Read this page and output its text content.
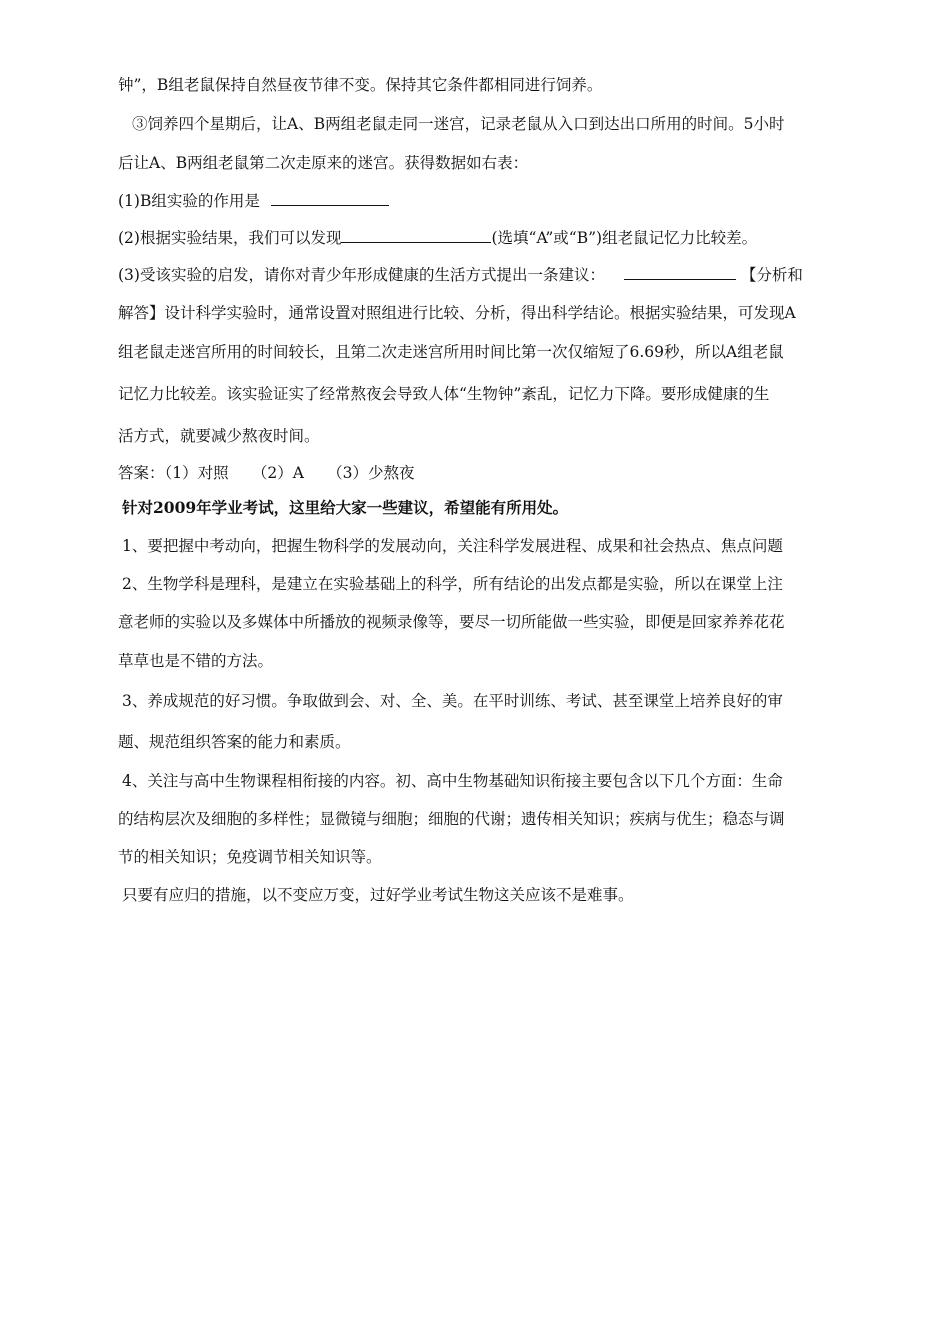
钟”，B组老鼠保持自然昼夜节律不变。保持其它条件都相同进行饲养。
③饲养四个星期后，让A、B两组老鼠走同一迷宫，记录老鼠从入口到达出口所用的时间。5小时
后让A、B两组老鼠第二次走原来的迷宫。获得数据如右表：
(1)B组实验的作用是
(2)根据实验结果，我们可以发现	(选填“A”或“B”)组老鼠记忆力比较差。
(3)受该实验的启发，请你对青少年形成健康的生活方式提出一条建议：	【分析和
解答】设计科学实验时，通常设置对照组进行比较、分析，得出科学结论。根据实验结果，可发现A
组老鼠走迷宫所用的时间较长，且第二次走迷宫所用时间比第一次仅缩短了6.69秒，所以A组老鼠
记忆力比较差。该实验证实了经常熬夜会导致人体“生物钟”紊乱，记忆力下降。要形成健康的生
活方式，就要减少熬夜时间。
答案：（1）对照　　（2）A　　（3）少熬夜
针对2009年学业考试，这里给大家一些建议，希望能有所用处。
1、要把握中考动向，把握生物科学的发展动向，关注科学发展进程、成果和社会热点、焦点问题
2、生物学科是理科，是建立在实验基础上的科学，所有结论的出发点都是实验，所以在课堂上注
意老师的实验以及多媒体中所播放的视频录像等，要尽一切所能做一些实验，即便是回家养养花花
草草也是不错的方法。
3、养成规范的好习惯。争取做到会、对、全、美。在平时训练、考试、甚至课堂上培养良好的审
题、规范组织答案的能力和素质。
4、关注与高中生物课程相衔接的内容。初、高中生物基础知识衔接主要包含以下几个方面：生命
的结构层次及细胞的多样性；显微镜与细胞；细胞的代谢；遗传相关知识；疾病与优生；稳态与调
节的相关知识；免疫调节相关知识等。
只要有应归的措施，以不变应万变，过好学业考试生物这关应该不是难事。
